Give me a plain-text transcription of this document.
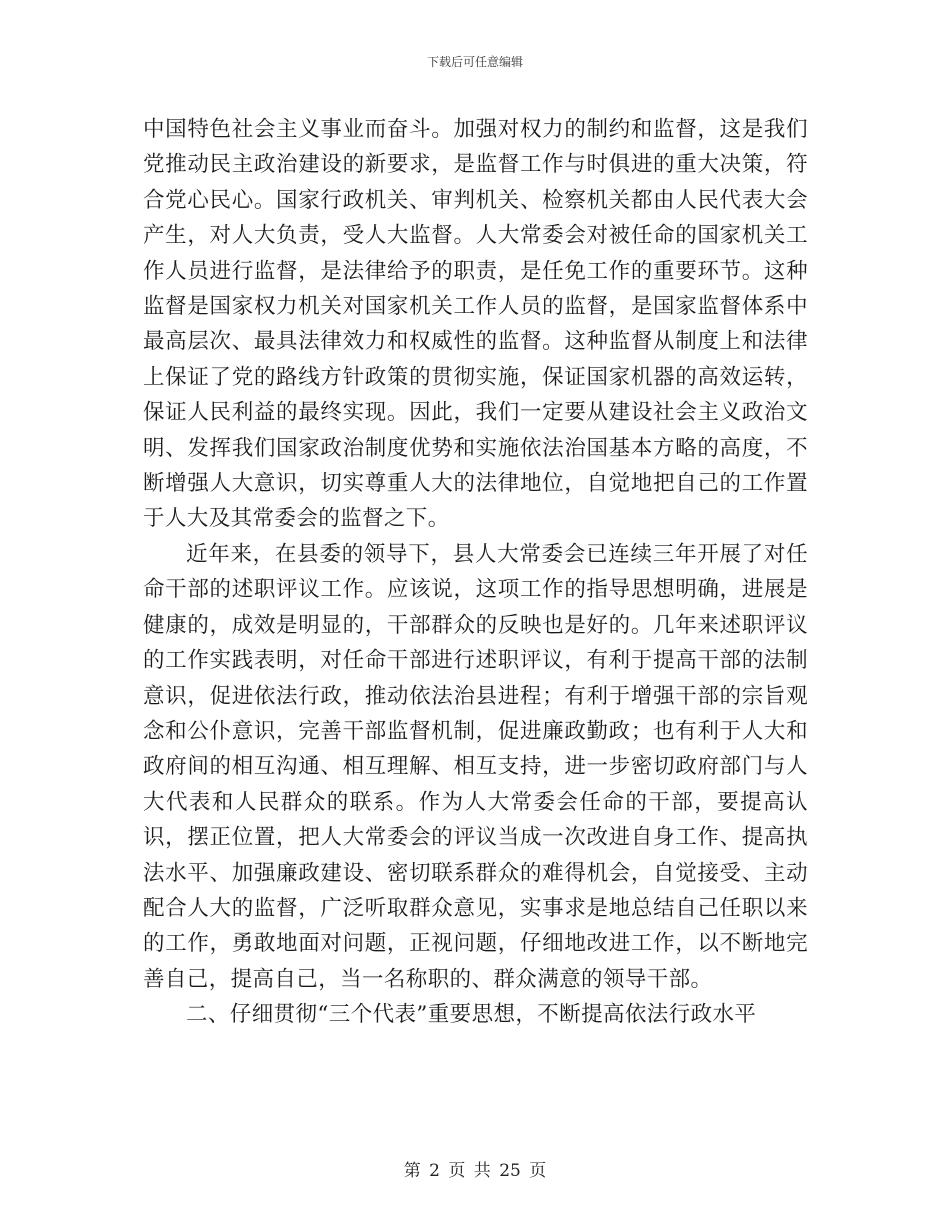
下载后可任意编辑

中国特色社会主义事业而奋斗。加强对权力的制约和监督，这是我们党推动民主政治建设的新要求，是监督工作与时俱进的重大决策，符合党心民心。国家行政机关、审判机关、检察机关都由人民代表大会产生，对人大负责，受人大监督。人大常委会对被任命的国家机关工作人员进行监督，是法律给予的职责，是任免工作的重要环节。这种监督是国家权力机关对国家机关工作人员的监督，是国家监督体系中最高层次、最具法律效力和权威性的监督。这种监督从制度上和法律上保证了党的路线方针政策的贯彻实施，保证国家机器的高效运转，保证人民利益的最终实现。因此，我们一定要从建设社会主义政治文明、发挥我们国家政治制度优势和实施依法治国基本方略的高度，不断增强人大意识，切实尊重人大的法律地位，自觉地把自己的工作置于人大及其常委会的监督之下。

近年来，在县委的领导下，县人大常委会已连续三年开展了对任命干部的述职评议工作。应该说，这项工作的指导思想明确，进展是健康的，成效是明显的，干部群众的反映也是好的。几年来述职评议的工作实践表明，对任命干部进行述职评议，有利于提高干部的法制意识，促进依法行政，推动依法治县进程；有利于增强干部的宗旨观念和公仆意识，完善干部监督机制，促进廉政勤政；也有利于人大和政府间的相互沟通、相互理解、相互支持，进一步密切政府部门与人大代表和人民群众的联系。作为人大常委会任命的干部，要提高认识，摆正位置，把人大常委会的评议当成一次改进自身工作、提高执法水平、加强廉政建设、密切联系群众的难得机会，自觉接受、主动配合人大的监督，广泛听取群众意见，实事求是地总结自己任职以来的工作，勇敢地面对问题，正视问题，仔细地改进工作，以不断地完善自己，提高自己，当一名称职的、群众满意的领导干部。

二、仔细贯彻“三个代表”重要思想，不断提高依法行政水平

第 2 页 共 25 页
